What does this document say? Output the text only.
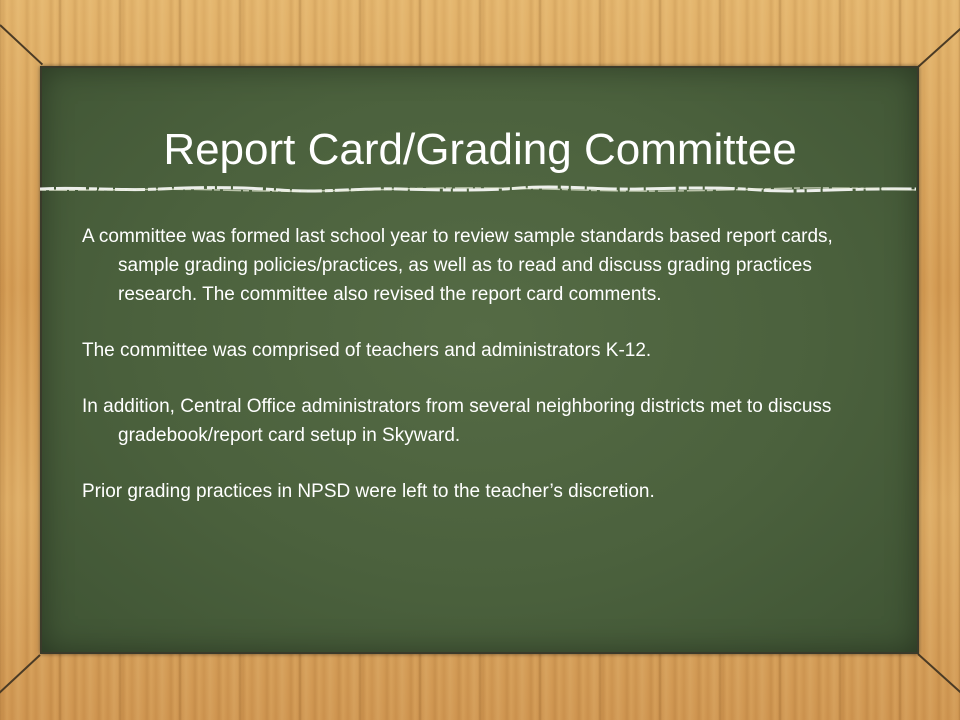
Report Card/Grading Committee

A committee was formed last school year to review sample standards based report cards, sample grading policies/practices, as well as to read and discuss grading practices research. The committee also revised the report card comments.

The committee was comprised of teachers and administrators K-12.

In addition, Central Office administrators from several neighboring districts met to discuss gradebook/report card setup in Skyward.

Prior grading practices in NPSD were left to the teacher’s discretion.
